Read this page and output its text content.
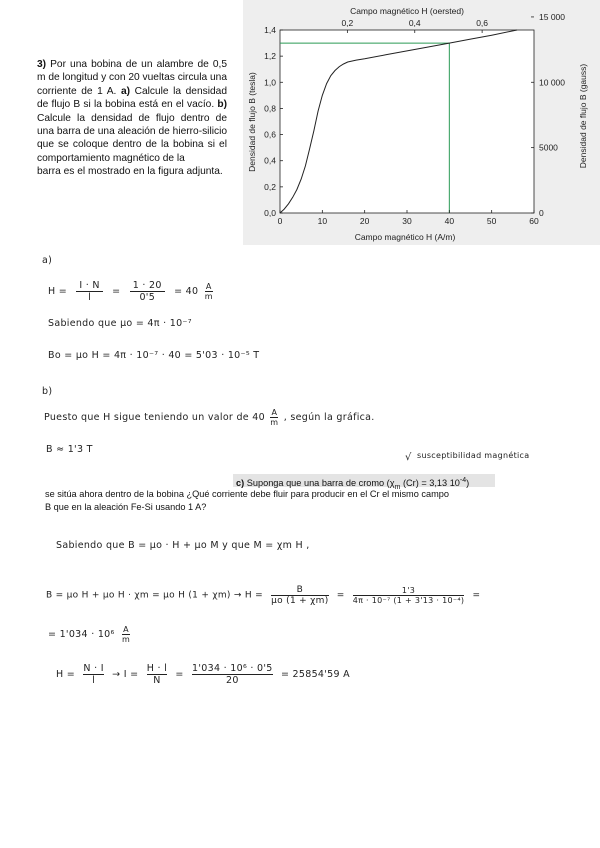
3) Por una bobina de un alambre de 0,5 m de longitud y con 20 vueltas circula una corriente de 1 A. a) Calcule la densidad de flujo B si la bobina está en el vacío. b) Calcule la densidad de flujo dentro de una barra de una aleación de hierro-silicio que se coloque dentro de la bobina si el comportamiento magnético de la
barra es el mostrado en la figura adjunta.
Campo magnético H (oersted)
Campo magnético H (A/m)
Densidad de flujo B (tesla)	Densidad de flujo B (gauss)
0	10	20	30	40	50	60
0,0
0,2
0,4
0,6
0,8
1,0
1,2
1,4
0,2	0,4	0,6
0
5000
10 000
15 000
a)
$H = \frac{I \cdot N}{l} = \frac{1 \cdot 20}{0'5} = 40 \frac{A}{m}$
Sabiendo que μo = 4π · 10⁻⁷
Bo = μo H = 4π · 10⁻⁷ · 40 = 5'03 · 10⁻⁵ T
b)
Puesto que H sigue teniendo un valor de $40 \frac{A}{m}$ , según la gráfica.
B ≈ 1'3 T
√ susceptibilidad magnética
c) Suponga que una barra de cromo ($\chi_m$ (Cr) = 3,13 $10^{-4}$)
se sitúa ahora dentro de la bobina ¿Qué corriente debe fluir para producir en el Cr el mismo campo
B que en la aleación Fe-Si usando 1 A?
Sabiendo que B = μo · H + μo M y que M = χm H ,
B = μo H + μo H · χm = μo H $(1 + \chi m) \to H = \frac{B}{\mu o (1 + \chi m)} = \frac{1'3}{\text{4π · 10⁻⁷ (1 + 3'13 · 10⁻⁴)}}$ =
= $1'034 \cdot 10^6 \frac{A}{m}$
$H = \frac{N \cdot I}{l} \to I = \frac{H \cdot l}{N} = \frac{\text{1'034 · 10⁶ · 0'5}}{20} = 25854'59$ A
